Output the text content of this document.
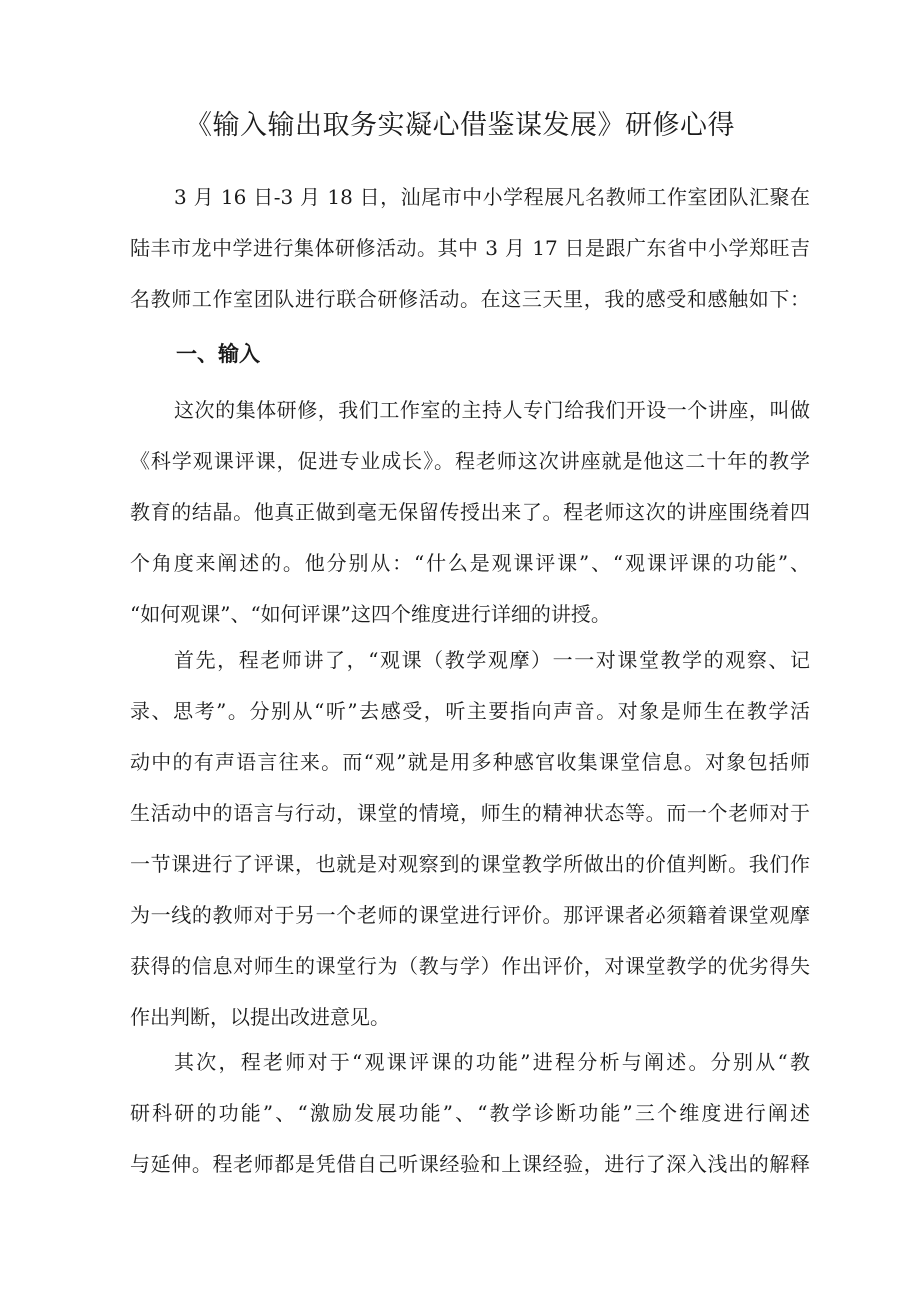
《输入输出取务实凝心借鉴谋发展》研修心得
3 月 16 日-3 月 18 日，汕尾市中小学程展凡名教师工作室团队汇聚在
陆丰市龙中学进行集体研修活动。其中 3 月 17 日是跟广东省中小学郑旺吉
名教师工作室团队进行联合研修活动。在这三天里，我的感受和感触如下：
一、输入
这次的集体研修，我们工作室的主持人专门给我们开设一个讲座，叫做
《科学观课评课，促进专业成长》。程老师这次讲座就是他这二十年的教学
教育的结晶。他真正做到毫无保留传授出来了。程老师这次的讲座围绕着四
个角度来阐述的。他分别从：“什么是观课评课”、“观课评课的功能”、
“如何观课”、“如何评课”这四个维度进行详细的讲授。
首先，程老师讲了，“观课（教学观摩）一一对课堂教学的观察、记
录、思考”。分别从“听”去感受，听主要指向声音。对象是师生在教学活
动中的有声语言往来。而“观”就是用多种感官收集课堂信息。对象包括师
生活动中的语言与行动，课堂的情境，师生的精神状态等。而一个老师对于
一节课进行了评课，也就是对观察到的课堂教学所做出的价值判断。我们作
为一线的教师对于另一个老师的课堂进行评价。那评课者必须籍着课堂观摩
获得的信息对师生的课堂行为（教与学）作出评价，对课堂教学的优劣得失
作出判断，以提出改进意见。
其次，程老师对于“观课评课的功能”进程分析与阐述。分别从“教
研科研的功能”、“激励发展功能”、“教学诊断功能”三个维度进行阐述
与延伸。程老师都是凭借自己听课经验和上课经验，进行了深入浅出的解释
